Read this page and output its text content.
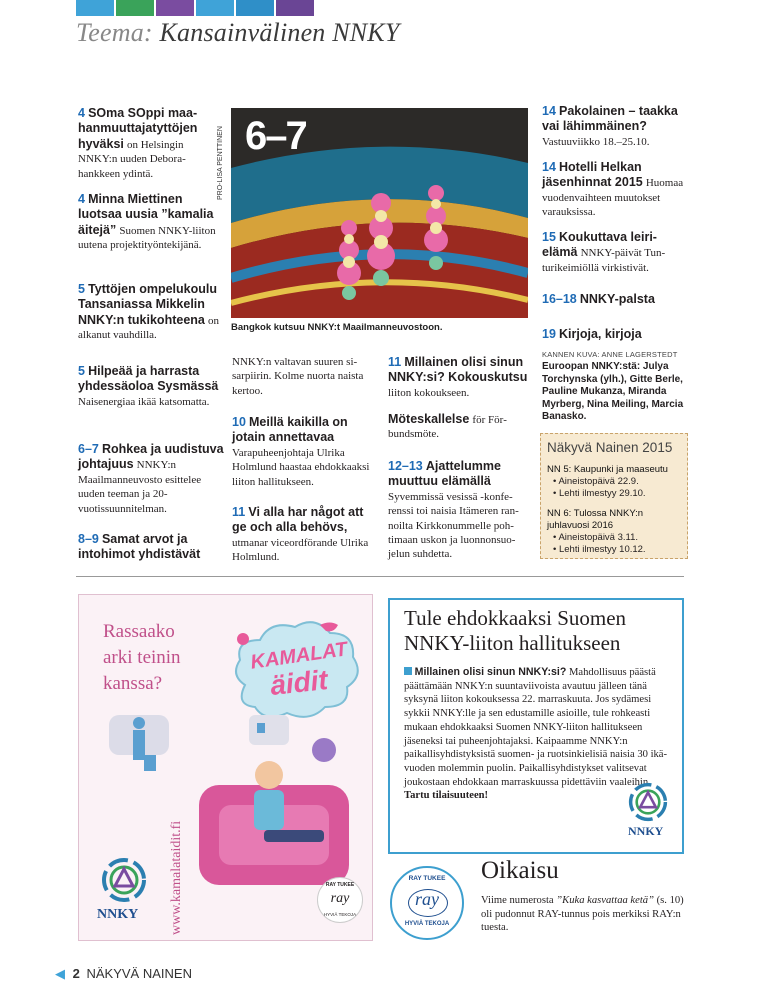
Teema: Kansainvälinen NNKY
4 SOma SOppi maahanmuuttajatyttöjen hyväksi on Helsingin NNKY:n uuden Deborahankkeen ydintä.
4 Minna Miettinen luotsaa uusia ”kamalia äitejä” Suomen NNKY-liiton uutena projektityöntekijänä.
5 Tyttöjen ompelukoulu Tansaniassa Mikkelin NNKY:n tukikohteena on alkanut vauhdilla.
5 Hilpeää ja harrasta yhdessäoloa Sysmässä Naisenergiaa ikää katsomatta.
6–7 Rohkea ja uudistuva johtajuus NNKY:n Maailmanneuvosto esittelee uuden teeman ja 20-vuotissuunnitelman.
8–9 Samat arvot ja intohimot yhdistävät
6–7
PRO-LISA PENTTINEN
Bangkok kutsuu NNKY:t Maailmanneuvostoon.
NNKY:n valtavan suuren sisarpiirin. Kolme nuorta naista kertoo.
10 Meillä kaikilla on jotain annettavaa Varapuheenjohtaja Ulrika Holmlund haastaa ehdokkaaksi liiton hallitukseen.
11 Vi alla har något att ge och alla behövs, utmanar viceordförande Ulrika Holmlund.
11 Millainen olisi sinun NNKY:si? Kokouskutsu liiton kokoukseen.
Möteskallelse för Förbundsmöte.
12–13 Ajattelumme muuttuu elämällä Syvemmissä vesissä -konferenssi toi naisia Itämeren rannoilta Kirkkonummelle pohtimaan uskon ja luonnonsuojelun suhdetta.
14 Pakolainen – taakka vai lähimmäinen? Vastuuviikko 18.–25.10.
14 Hotelli Helkan jäsenhinnat 2015 Huomaa vuodenvaihteen muutokset varauksissa.
15 Koukuttava leirielämä NNKY-päivät Tunturikeimiöllä virkistivät.
16–18 NNKY-palsta
19 Kirjoja, kirjoja
KANNEN KUVA: ANNE LAGERSTEDT
Euroopan NNKY:stä: Julya Torchynska (ylh.), Gitte Berle, Pauline Mukanza, Miranda Myrberg, Nina Meiling, Marcia Banasko.
Näkyvä Nainen 2015
NN 5: Kaupunki ja maaseutu
• Aineistopäivä 22.9.
• Lehti ilmestyy 29.10.
NN 6: Tulossa NNKY:n juhlavuosi 2016
• Aineistopäivä 3.11.
• Lehti ilmestyy 10.12.
Rassaako
arki teinin
kanssa?
KAMALAT
äidit
www.kamalataidit.fi
NNKY
RAY TUKEE
ray
HYVIÄ TEKOJA
Tule ehdokkaaksi Suomen NNKY-liiton hallitukseen
Millainen olisi sinun NNKY:si? Mahdollisuus päästä päättämään NNKY:n suuntaviivoista avautuu jälleen tänä syksynä liiton kokouksessa 22. marraskuuta. Jos sydämesi sykkii NNKY:lle ja sen edustamille asioille, tule rohkeasti mukaan ehdokkaaksi Suomen NNKY-liiton hallitukseen jäseneksi tai puheenjohtajaksi. Kaipaamme NNKY:n paikallisyhdistyksistä suomen- ja ruotsinkielisiä naisia 30 ikävuoden molemmin puolin. Paikallisyhdistykset valitsevat joukostaan ehdokkaan marraskuussa pidettäviin vaaleihin.
Tartu tilaisuuteen!
NNKY
RAY TUKEE
ray
HYVIÄ TEKOJA
Oikaisu
Viime numerosta ”Kuka kasvattaa ketä” (s. 10) oli pudonnut RAY-tunnus pois merkiksi RAY:n tuesta.
◀ 2 NÄKYVÄ NAINEN
